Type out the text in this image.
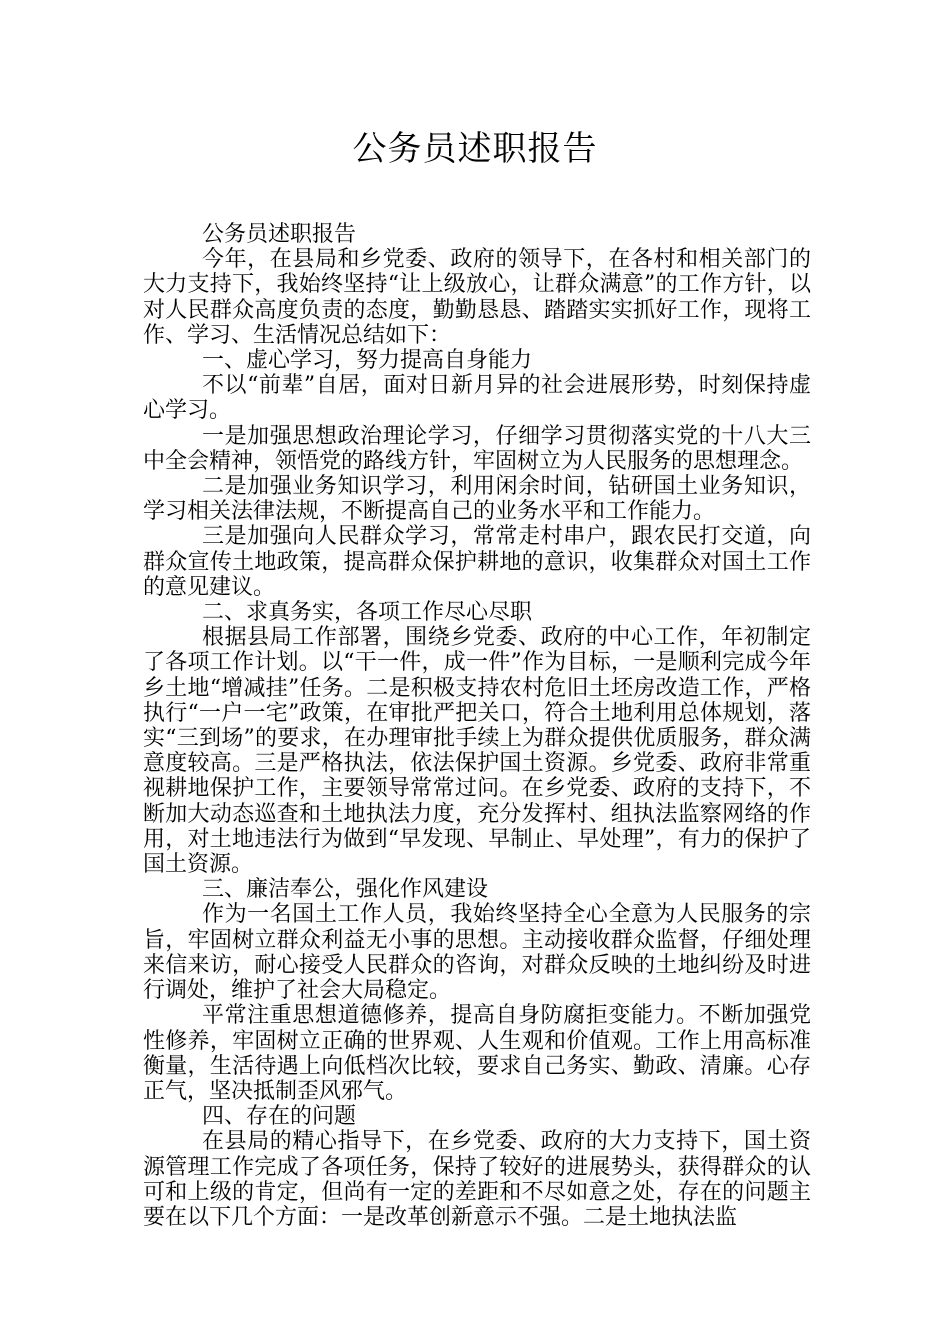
公务员述职报告

公务员述职报告

今年，在县局和乡党委、政府的领导下，在各村和相关部门的大力支持下，我始终坚持“让上级放心，让群众满意”的工作方针，以对人民群众高度负责的态度，勤勤恳恳、踏踏实实抓好工作，现将工作、学习、生活情况总结如下：

一、虚心学习，努力提高自身能力

不以“前辈”自居，面对日新月异的社会进展形势，时刻保持虚心学习。

一是加强思想政治理论学习，仔细学习贯彻落实党的十八大三中全会精神，领悟党的路线方针，牢固树立为人民服务的思想理念。

二是加强业务知识学习，利用闲余时间，钻研国土业务知识，学习相关法律法规，不断提高自己的业务水平和工作能力。

三是加强向人民群众学习，常常走村串户，跟农民打交道，向群众宣传土地政策，提高群众保护耕地的意识，收集群众对国土工作的意见建议。

二、求真务实，各项工作尽心尽职

根据县局工作部署，围绕乡党委、政府的中心工作，年初制定了各项工作计划。以“干一件，成一件”作为目标，一是顺利完成今年乡土地“增减挂”任务。二是积极支持农村危旧土坯房改造工作，严格执行“一户一宅”政策，在审批严把关口，符合土地利用总体规划，落实“三到场”的要求，在办理审批手续上为群众提供优质服务，群众满意度较高。三是严格执法，依法保护国土资源。乡党委、政府非常重视耕地保护工作，主要领导常常过问。在乡党委、政府的支持下，不断加大动态巡查和土地执法力度，充分发挥村、组执法监察网络的作用，对土地违法行为做到“早发现、早制止、早处理”，有力的保护了国土资源。

三、廉洁奉公，强化作风建设

作为一名国土工作人员，我始终坚持全心全意为人民服务的宗旨，牢固树立群众利益无小事的思想。主动接收群众监督，仔细处理来信来访，耐心接受人民群众的咨询，对群众反映的土地纠纷及时进行调处，维护了社会大局稳定。

平常注重思想道德修养，提高自身防腐拒变能力。不断加强党性修养，牢固树立正确的世界观、人生观和价值观。工作上用高标准衡量，生活待遇上向低档次比较，要求自己务实、勤政、清廉。心存正气，坚决抵制歪风邪气。

四、存在的问题

在县局的精心指导下，在乡党委、政府的大力支持下，国土资源管理工作完成了各项任务，保持了较好的进展势头，获得群众的认可和上级的肯定，但尚有一定的差距和不尽如意之处，存在的问题主要在以下几个方面：一是改革创新意示不强。二是土地执法监
